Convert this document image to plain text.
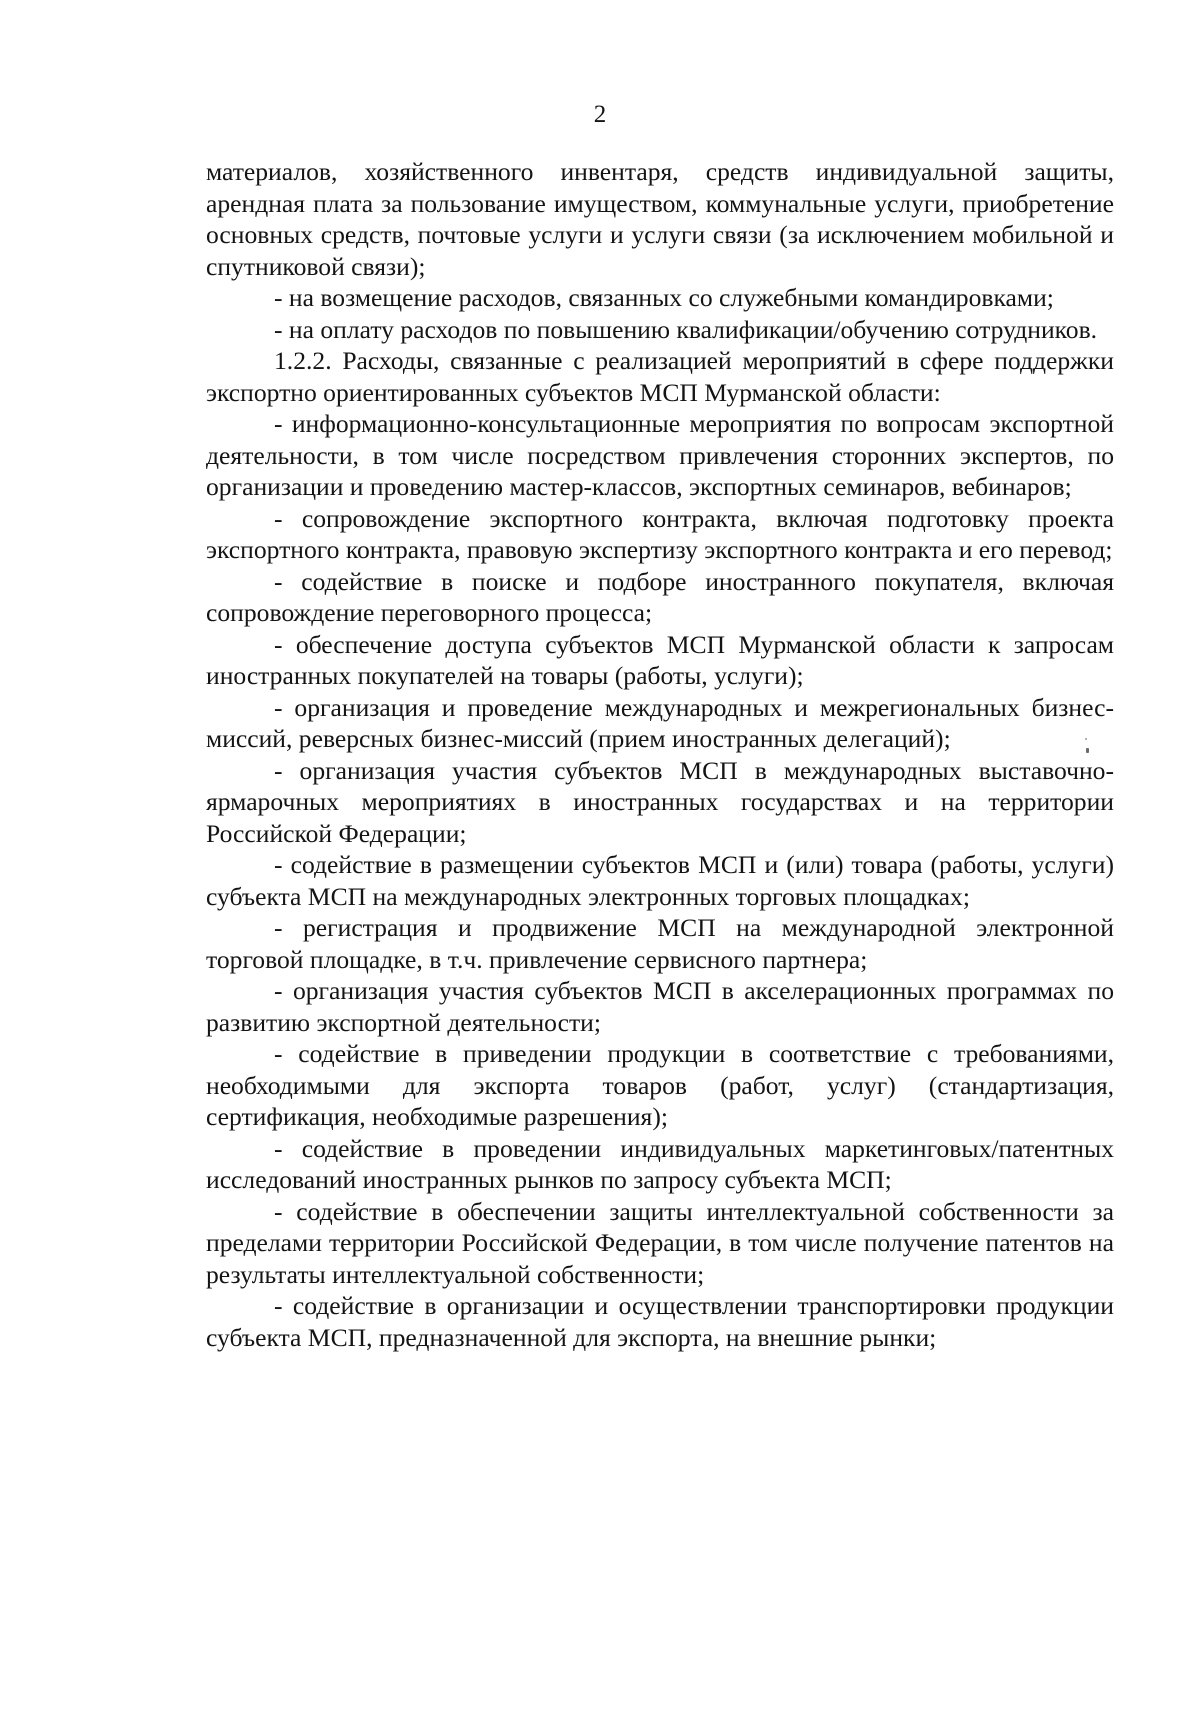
2

материалов, хозяйственного инвентаря, средств индивидуальной защиты, арендная плата за пользование имуществом, коммунальные услуги, приобретение основных средств, почтовые услуги и услуги связи (за исключением мобильной и спутниковой связи);

- на возмещение расходов, связанных со служебными командировками;

- на оплату расходов по повышению квалификации/обучению сотрудников.

1.2.2. Расходы, связанные с реализацией мероприятий в сфере поддержки экспортно ориентированных субъектов МСП Мурманской области:

- информационно-консультационные мероприятия по вопросам экспортной деятельности, в том числе посредством привлечения сторонних экспертов, по организации и проведению мастер-классов, экспортных семинаров, вебинаров;

- сопровождение экспортного контракта, включая подготовку проекта экспортного контракта, правовую экспертизу экспортного контракта и его перевод;

- содействие в поиске и подборе иностранного покупателя, включая сопровождение переговорного процесса;

- обеспечение доступа субъектов МСП Мурманской области к запросам иностранных покупателей на товары (работы, услуги);

- организация и проведение международных и межрегиональных бизнес-миссий, реверсных бизнес-миссий (прием иностранных делегаций);

- организация участия субъектов МСП в международных выставочно-ярмарочных мероприятиях в иностранных государствах и на территории Российской Федерации;

- содействие в размещении субъектов МСП и (или) товара (работы, услуги) субъекта МСП на международных электронных торговых площадках;

- регистрация и продвижение МСП на международной электронной торговой площадке, в т.ч. привлечение сервисного партнера;

- организация участия субъектов МСП в акселерационных программах по развитию экспортной деятельности;

- содействие в приведении продукции в соответствие с требованиями, необходимыми для экспорта товаров (работ, услуг) (стандартизация, сертификация, необходимые разрешения);

- содействие в проведении индивидуальных маркетинговых/патентных исследований иностранных рынков по запросу субъекта МСП;

- содействие в обеспечении защиты интеллектуальной собственности за пределами территории Российской Федерации, в том числе получение патентов на результаты интеллектуальной собственности;

- содействие в организации и осуществлении транспортировки продукции субъекта МСП, предназначенной для экспорта, на внешние рынки;
